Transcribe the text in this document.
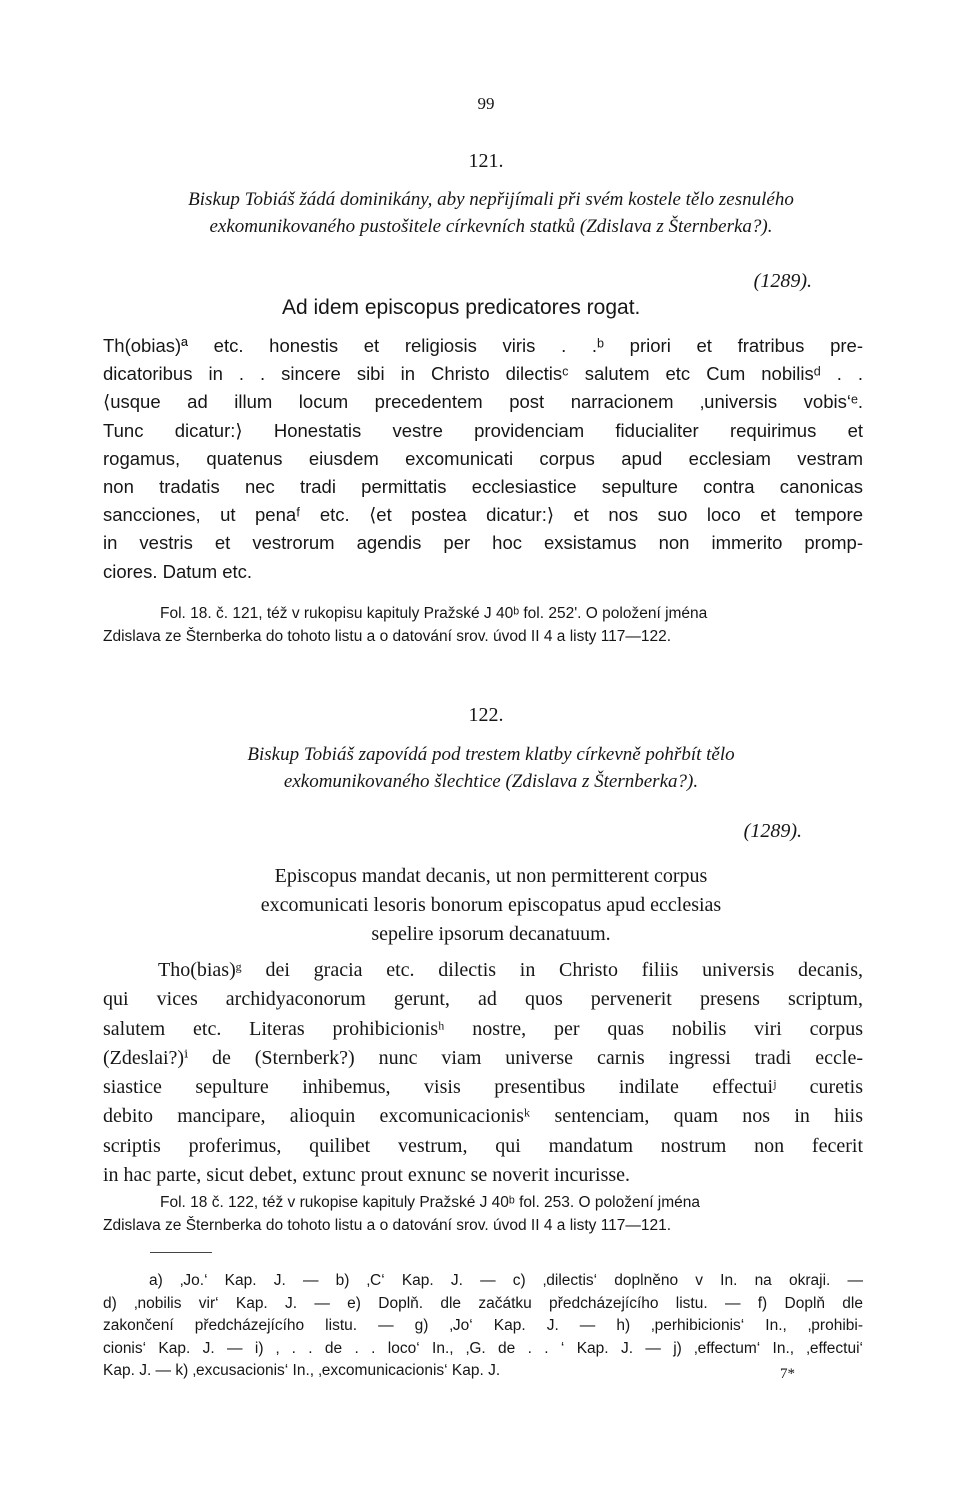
99
121.
Biskup Tobiáš žádá dominikány, aby nepřijímali při svém kostele tělo zesnulého
exkomunikovaného pustošitele církevních statků (Zdislava z Šternberka?).
(1289).
Ad idem episcopus predicatores rogat.
Th(obias)ª etc. honestis et religiosis viris . .ᵇ priori et fratribus pre-
dicatoribus in . . sincere sibi in Christo dilectisᶜ salutem etc Cum nobilisᵈ . .
⟨usque ad illum locum precedentem post narracionem ‚universis vobis‘ᵉ.
Tunc dicatur:⟩ Honestatis vestre providenciam fiducialiter requirimus et
rogamus, quatenus eiusdem excomunicati corpus apud ecclesiam vestram
non tradatis nec tradi permittatis ecclesiastice sepulture contra canonicas
sancciones, ut penaᶠ etc. ⟨et postea dicatur:⟩ et nos suo loco et tempore
in vestris et vestrorum agendis per hoc exsistamus non immerito promp-
ciores. Datum etc.
Fol. 18. č. 121, též v rukopisu kapituly Pražské J 40ᵇ fol. 252'. O položení jména
Zdislava ze Šternberka do tohoto listu a o datování srov. úvod II 4 a listy 117—122.
122.
Biskup Tobiáš zapovídá pod trestem klatby církevně pohřbít tělo
exkomunikovaného šlechtice (Zdislava z Šternberka?).
(1289).
Episcopus mandat decanis, ut non permitterent corpus
excomunicati lesoris bonorum episcopatus apud ecclesias
sepelire ipsorum decanatuum.
Tho(bias)ᵍ dei gracia etc. dilectis in Christo filiis universis decanis,
qui vices archidyaconorum gerunt, ad quos pervenerit presens scriptum,
salutem etc. Literas prohibicionisʰ nostre, per quas nobilis viri corpus
(Zdeslai?)ⁱ de (Sternberk?) nunc viam universe carnis ingressi tradi eccle-
siastice sepulture inhibemus, visis presentibus indilate effectuiʲ curetis
debito mancipare, alioquin excomunicacionisᵏ sentenciam, quam nos in hiis
scriptis proferimus, quilibet vestrum, qui mandatum nostrum non fecerit
in hac parte, sicut debet, extunc prout exnunc se noverit incurisse.
Fol. 18 č. 122, též v rukopise kapituly Pražské J 40ᵇ fol. 253. O položení jména
Zdislava ze Šternberka do tohoto listu a o datování srov. úvod II 4 a listy 117—121.
a) ‚Jo.‘ Kap. J. — b) ‚C‘ Kap. J. — c) ‚dilectis‘ doplněno v In. na okraji. —
d) ‚nobilis vir‘ Kap. J. — e) Doplň. dle začátku předcházejícího listu. — f) Doplň dle
zakončení předcházejícího listu. — g) ‚Jo‘ Kap. J. — h) ‚perhibicionis‘ In., ‚prohibi-
cionis‘ Kap. J. — i) ‚ . . de . . loco‘ In., ‚G. de . . ‘ Kap. J. — j) ‚effectum‘ In., ‚effectui‘
Kap. J. — k) ‚excusacionis‘ In., ‚excomunicacionis‘ Kap. J.	7*
